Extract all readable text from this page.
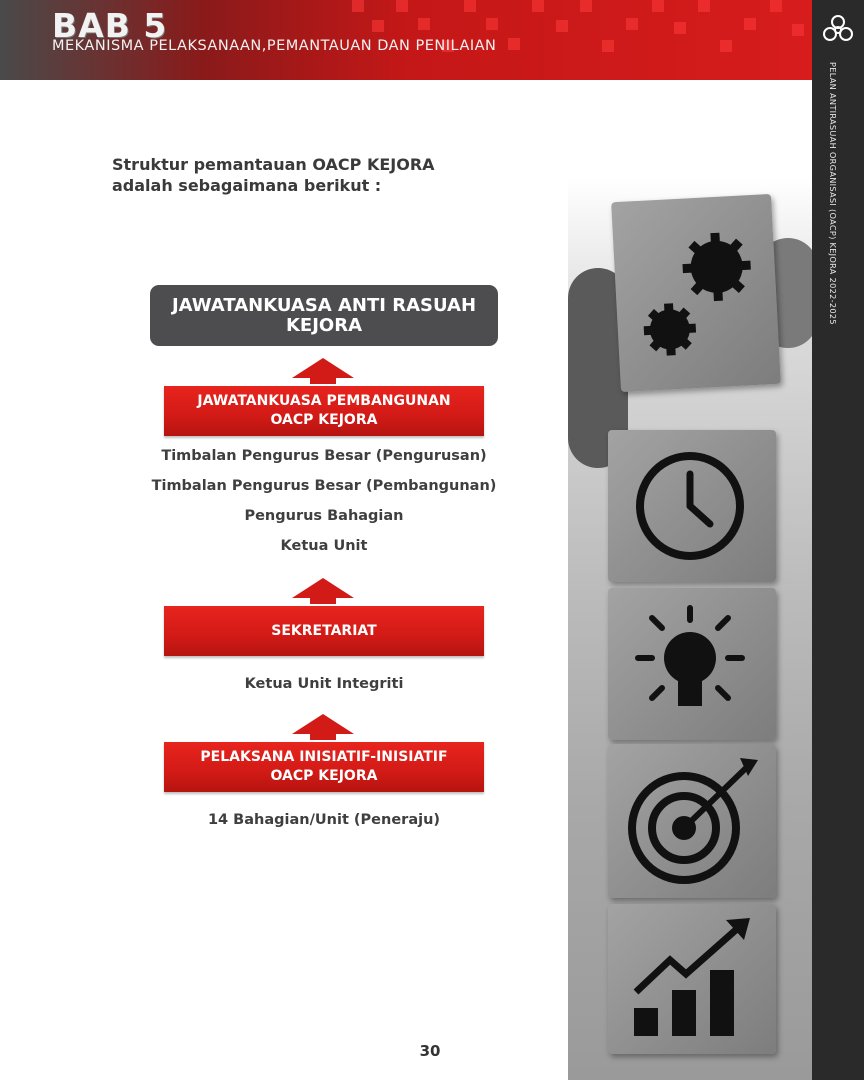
BAB 5
MEKANISMA PELAKSANAAN,PEMANTAUAN DAN PENILAIAN
PELAN ANTIRASUAH ORGANISASI (OACP) KEJORA 2022-2025
Struktur pemantauan OACP KEJORA
adalah sebagaimana berikut :
JAWATANKUASA ANTI RASUAH
KEJORA
JAWATANKUASA PEMBANGUNAN
OACP KEJORA
Timbalan Pengurus Besar (Pengurusan)
Timbalan Pengurus Besar (Pembangunan)
Pengurus Bahagian
Ketua Unit
SEKRETARIAT
Ketua Unit Integriti
PELAKSANA INISIATIF-INISIATIF
OACP KEJORA
14 Bahagian/Unit (Peneraju)
30
